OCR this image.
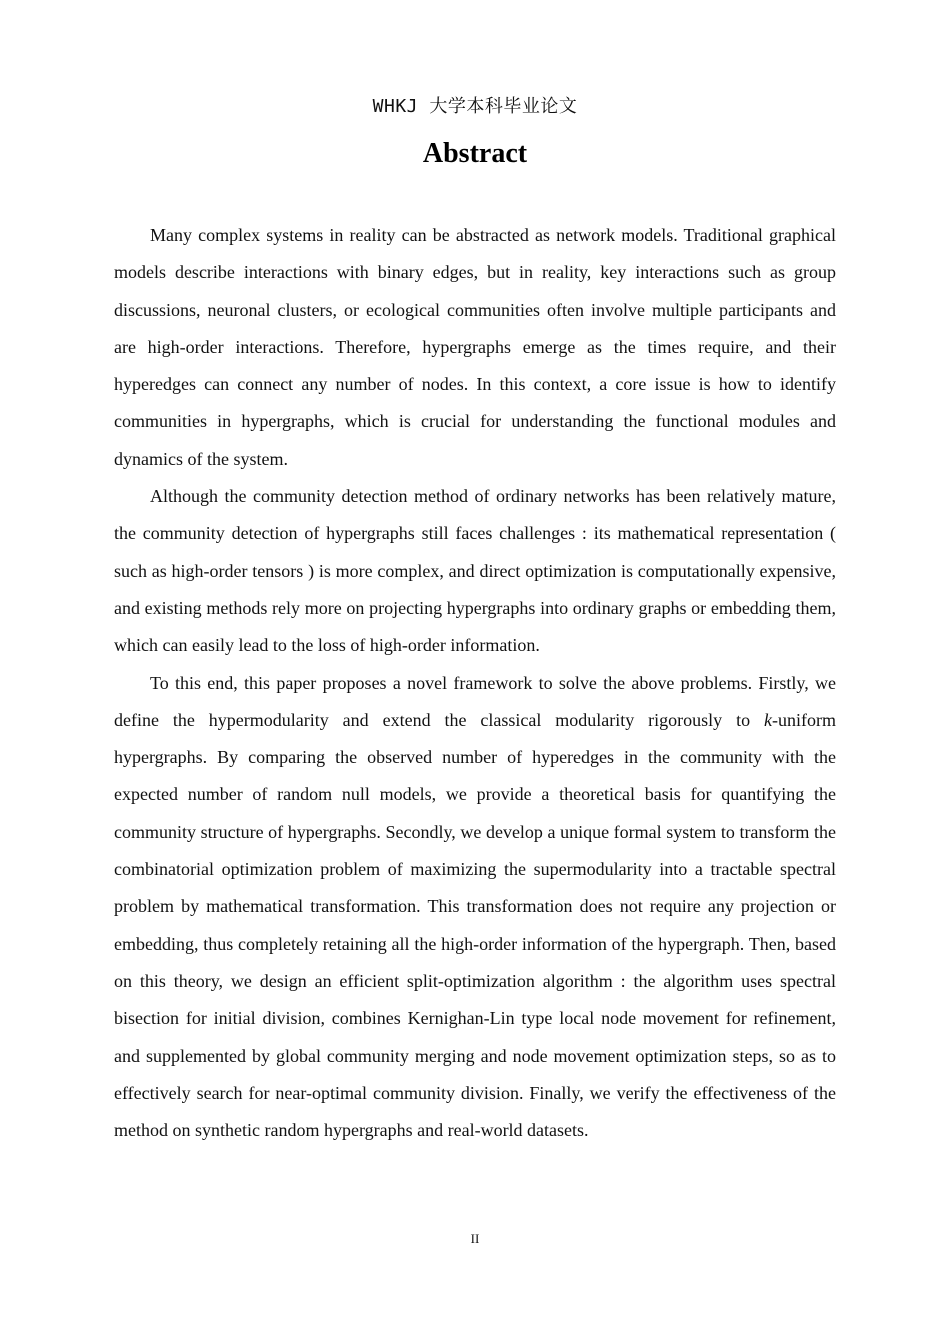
WHKJ 大学本科毕业论文
Abstract

Many complex systems in reality can be abstracted as network models. Traditional graphical models describe interactions with binary edges, but in reality, key interactions such as group discussions, neuronal clusters, or ecological communities often involve multiple participants and are high-order interactions. Therefore, hypergraphs emerge as the times require, and their hyperedges can connect any number of nodes. In this context, a core issue is how to identify communities in hypergraphs, which is crucial for understanding the functional modules and dynamics of the system.

Although the community detection method of ordinary networks has been relatively mature, the community detection of hypergraphs still faces challenges : its mathematical representation ( such as high-order tensors ) is more complex, and direct optimization is computationally expensive, and existing methods rely more on projecting hypergraphs into ordinary graphs or embedding them, which can easily lead to the loss of high-order information.

To this end, this paper proposes a novel framework to solve the above problems. Firstly, we define the hypermodularity and extend the classical modularity rigorously to k-uniform hypergraphs. By comparing the observed number of hyperedges in the community with the expected number of random null models, we provide a theoretical basis for quantifying the community structure of hypergraphs. Secondly, we develop a unique formal system to transform the combinatorial optimization problem of maximizing the supermodularity into a tractable spectral problem by mathematical transformation. This transformation does not require any projection or embedding, thus completely retaining all the high-order information of the hypergraph. Then, based on this theory, we design an efficient split-optimization algorithm : the algorithm uses spectral bisection for initial division, combines Kernighan-Lin type local node movement for refinement, and supplemented by global community merging and node movement optimization steps, so as to effectively search for near-optimal community division. Finally, we verify the effectiveness of the method on synthetic random hypergraphs and real-world datasets.

II
